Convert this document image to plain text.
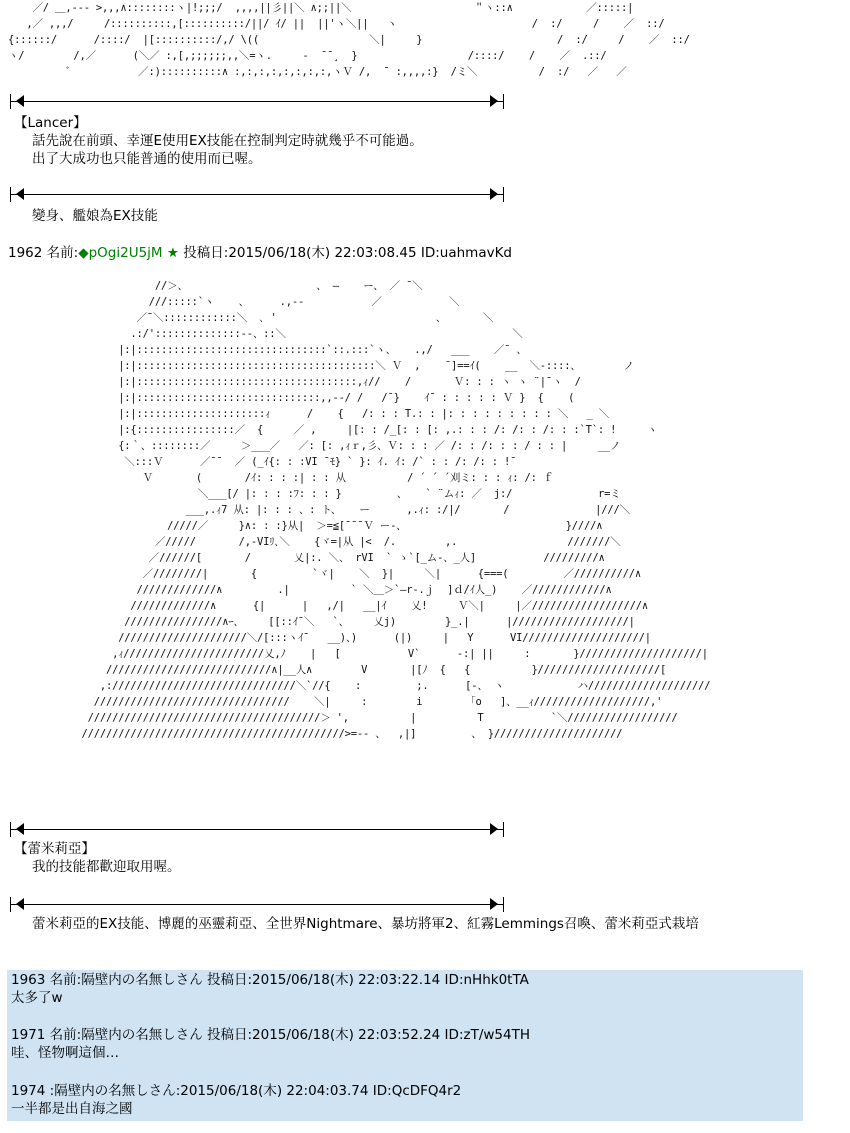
／/ ＿,--- >,,,∧::::::::ヽ|!;;;/  ,,,,||彡||＼ ∧;;||＼                    ＂ヽ::∧            ／:::::|
,／ ,,,/     /::::::::::,[::::::::::/||/ ｲ/ ||  ||'ヽ＼||   ヽ                      /  :/     /    ／  ::/
{::::::/      /::::/  |[::::::::::/,/ \((                  ＼|     }                      /  :/     /    ／  ::/
ヽ/        /,／      (＼／ :,[,;;;;;;,,＼=ヽ.     -  ̄ ̄ ¸  }                  /::::/    /    ／  .::/
ﾞ           ／:)::::::::::∧ :,:,:,:,:,:,:,:,ヽＶ /,  ¯ :,,,,:}  /ミ＼          /  :/   ／   ／
【Lancer】
話先說在前頭、幸運E使用EX技能在控制判定時就幾乎不可能過。
出了大成功也只能普通的使用而已喔。
變身、艦娘為EX技能
1962 名前:◆pOgi2U5jM ★ 投稿日:2015/06/18(木) 22:03:08.45 ID:uahmavKd
//＞、                     、 ―    ー、 ／ ¯＼
///:::::`ヽ    、     .,-‐           ／           ＼
／¯＼::::::::::::＼  ､ '                          、      ＼
.:/'::::::::::::::‐-、::＼                                     ＼
|:|:::::::::::::::::::::::::::::::`::.:::`ヽ、   .,/   ___    ／¯ 、
|:|:::::::::::::::::::::::::::::::::::::::＼ Ｖ  ,    ¯]==ｲ(    __  ＼-::::、       ノ
|:|::::::::::::::::::::::::::::::::::::,ｨ//    /       Ｖ: : : ヽ ヽ ¨|¯ヽ  /
|:|::::::::::::::::::::::::::::::,,--/ /   /¯}    ｲ¯ : : : : : Ｖ }  {    (
|:|:::::::::::::::::::::ｨ      /    {   /: : : T.: : |: : : : : : : : : ＼   _ ＼
|:{::::::::::::::::／  {     ／ ,     |[: : /_[: : [: ,.: : : /: /: : /: : :`T`: !     ヽ
{:｀、::::::::／     ＞___／   ／: [: ,ｨｒ,彡、Ｖ: : : ／ /: : /: : : / : : |     __ノ
＼:::Ｖ      ／¯¯  ／ (_ｲ{: : :VI ¯ﾓ} ` }: ｲ. ｲ: /` : : /: /: : !¯
Ｖ       (       /ｲ: : : :| : : 从          / ´ ´ ´刈ミ: : : ｨ: /: ｆ
＼___[/ |: : : :ﾌ: : : }         、   ` ¨ムｨ: ／  j:/              r=ミ
___,.ｨ7 从: |: : : 、: ト、   ー      ,.ｨ: :/|/       /              |///＼
/////／     }∧: : :}从|  ＞=≦[¯¯¯Ｖ ー-、                          }////∧
／/////       /,-VIﾘ､＼    {ヾ=|从 |<  /.        ,.                  ///////＼
／//////[       /       乂|:. ＼、 rVI  ` ゝ`[_ム-、_人]           /////////∧
／////////|       {         `ヾ|    ＼  }|     ＼|      {===(         ／//////////∧
/////////////∧         .|          ` ＼＿＞`―r-.ｊ  ]ｄ/ｲ人_)    ／////////////∧
/////////////∧      {|      |   ,/|   __|ｲ    乂!     Ｖ＼|     |／//////////////////∧
////////////////∧ｰ、    [[::ｲ¯＼   `、    乂j)        }_.|      |///////////////////|
/////////////////////＼/[:::ヽｲ¯   __)、)      (|)     |   Y      VI////////////////////|
,ｨ///////////////////////乂,ﾉ    |   [           V`      -:| ||     :       }////////////////////|
///////////////////////////∧|__人∧        V       |[ﾉ  {   {          }////////////////////[
,://////////////////////////////＼`//{    :         ;.      [-、 ヽ            ハ////////////////////
////////////////////////////////    ＼|     :        i       「o   ]、__ｨ///////////////////,'
//////////////////////////////////////＞ ',          |          T           `＼//////////////////
///////////////////////////////////////////>=-- 、  ,|]         、 }/////////////////////
【蕾米莉亞】
我的技能都歡迎取用喔。
蕾米莉亞的EX技能、博麗的巫靈莉亞、全世界Nightmare、暴坊將軍2、紅霧Lemmings召喚、蕾米莉亞式栽培
1963 名前:隔壁内の名無しさん 投稿日:2015/06/18(木) 22:03:22.14 ID:nHhk0tTA
太多了w
1971 名前:隔壁内の名無しさん 投稿日:2015/06/18(木) 22:03:52.24 ID:zT/w54TH
哇、怪物啊這個…
1974 :隔壁内の名無しさん:2015/06/18(木) 22:04:03.74 ID:QcDFQ4r2
一半都是出自海之國
